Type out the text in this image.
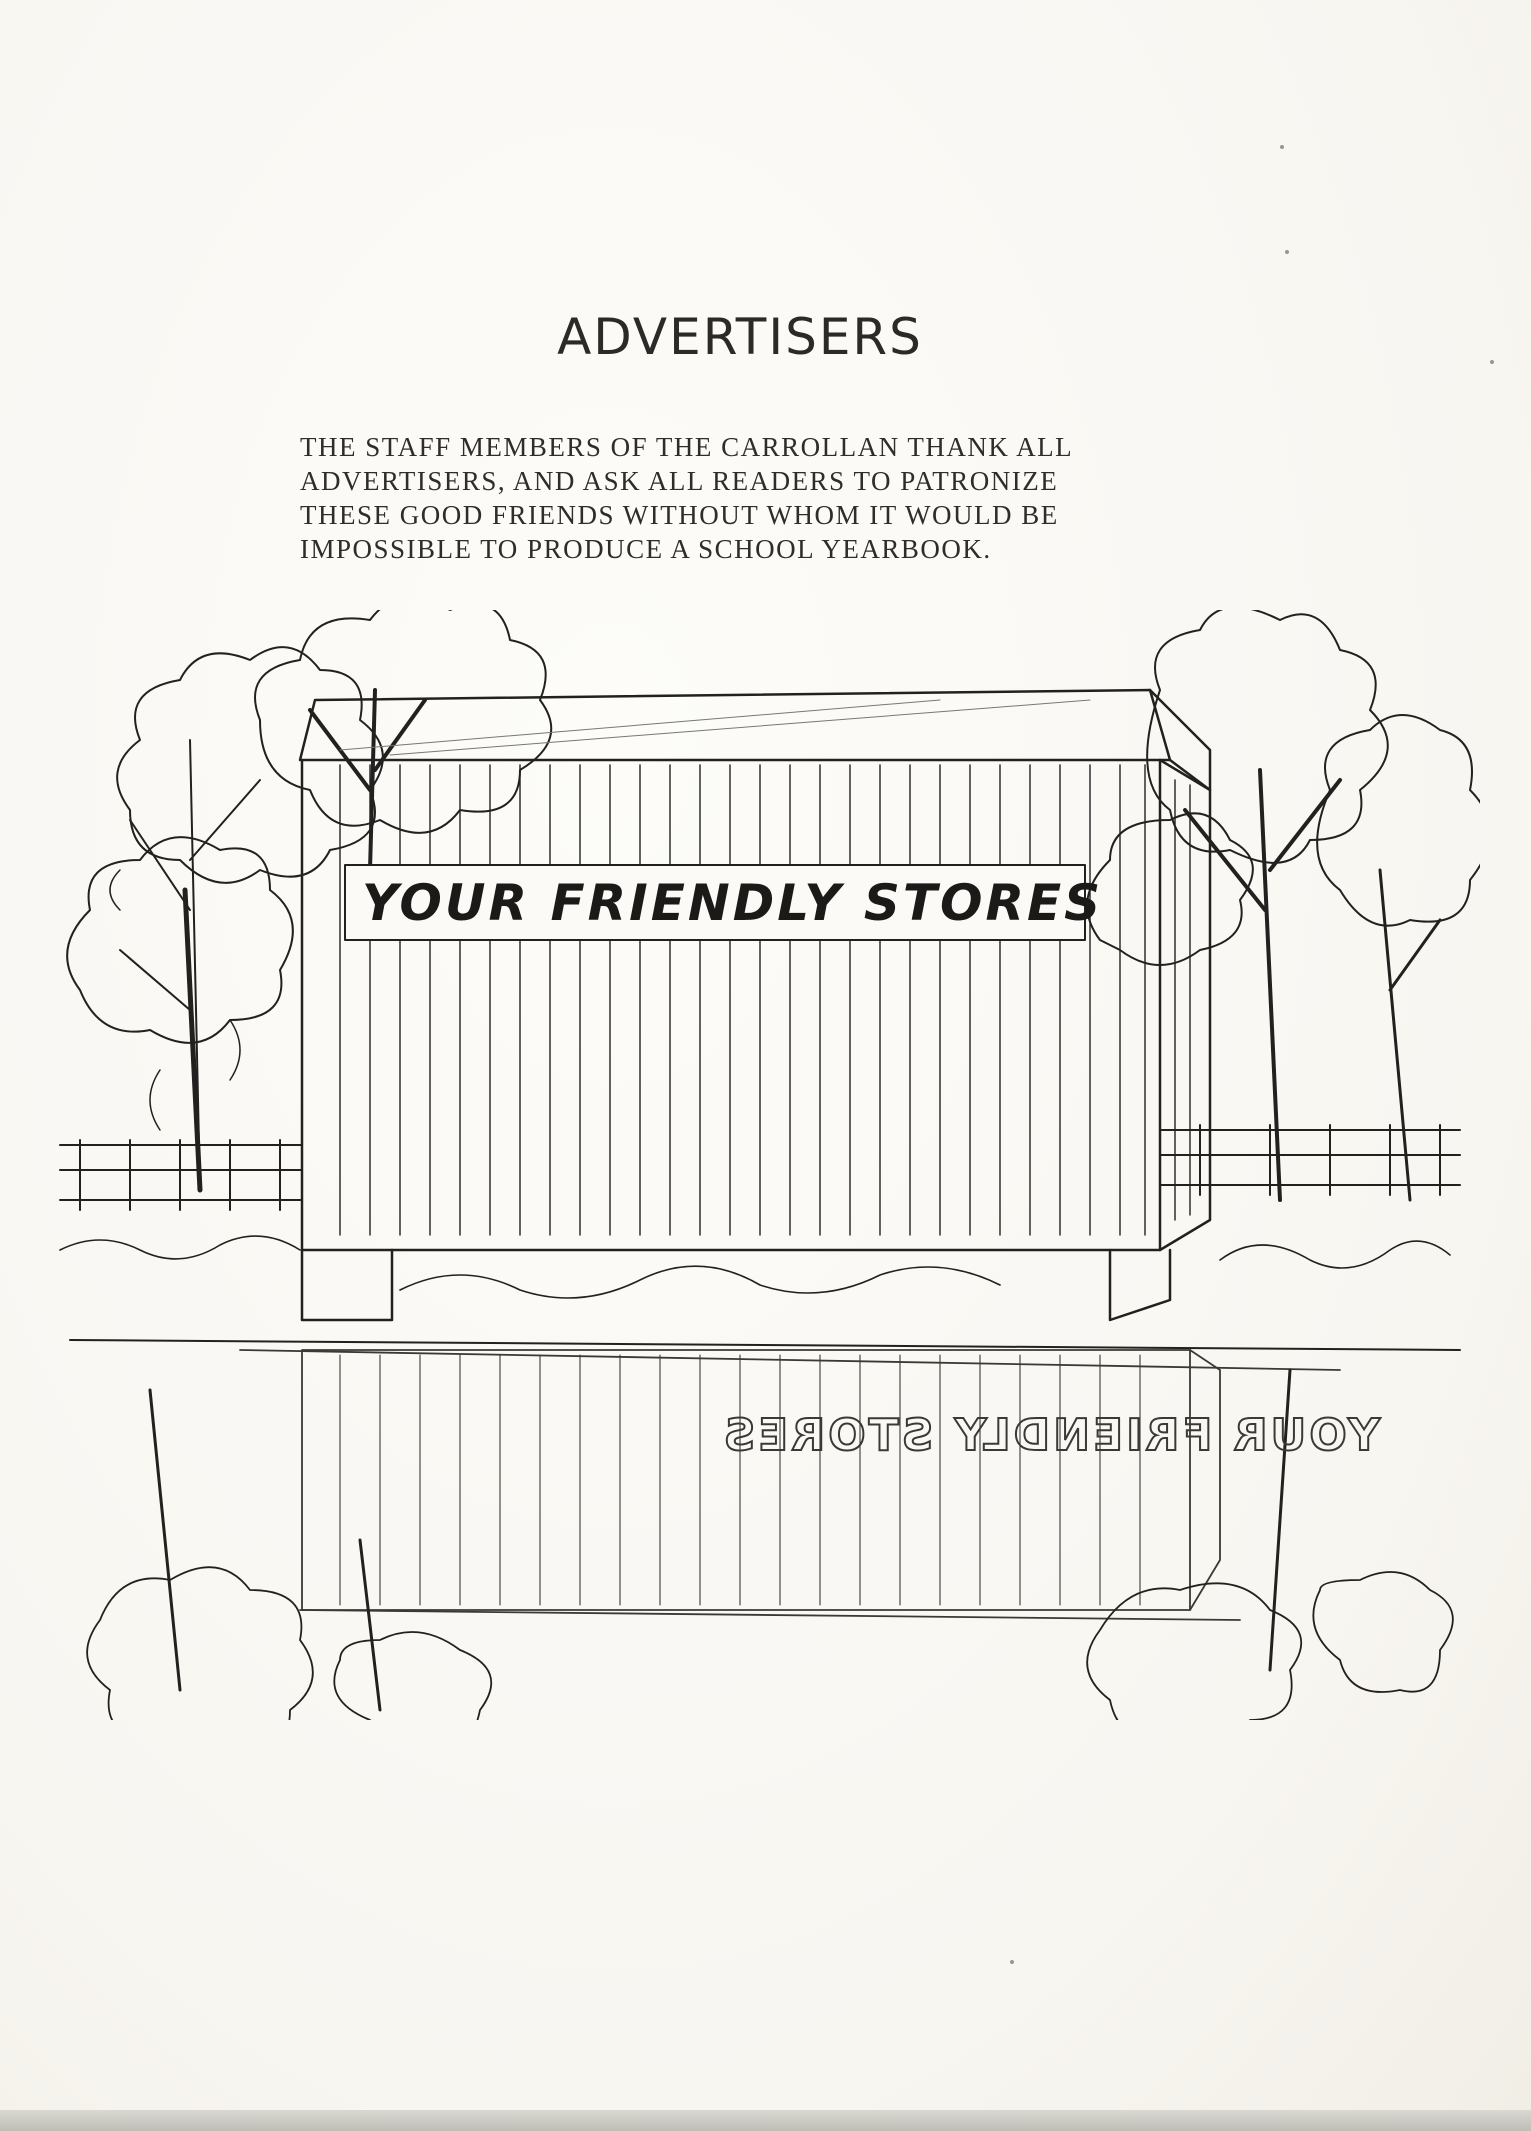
ADVERTISERS
THE STAFF MEMBERS OF THE CARROLLAN THANK ALL
ADVERTISERS, AND ASK ALL READERS TO PATRONIZE
THESE GOOD FRIENDS WITHOUT WHOM IT WOULD BE
IMPOSSIBLE TO PRODUCE A SCHOOL YEARBOOK.
YOUR FRIENDLY STORES
YOUR FRIENDLY STORES
